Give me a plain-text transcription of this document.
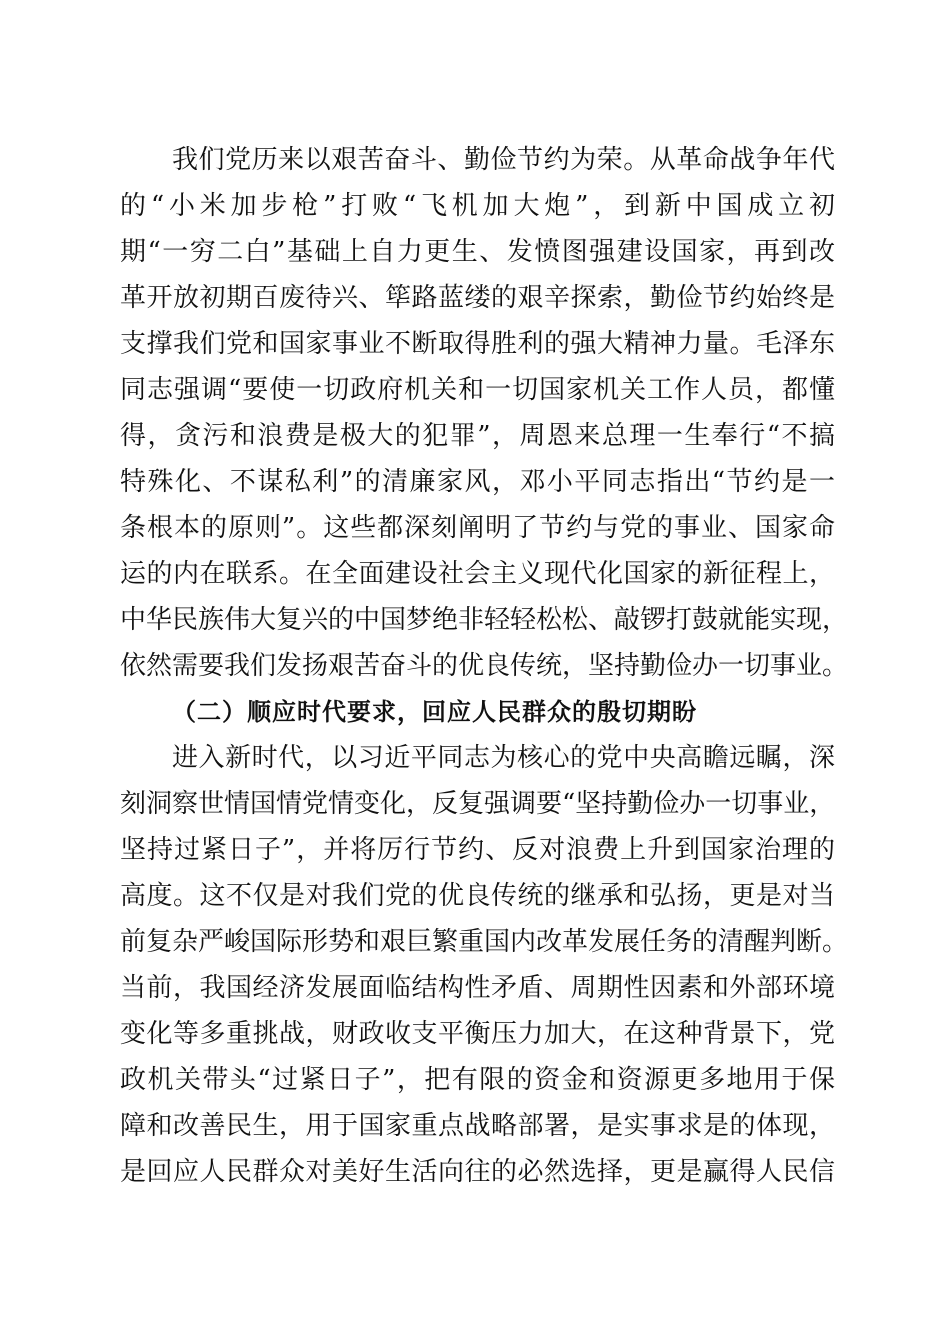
我们党历来以艰苦奋斗、勤俭节约为荣。从革命战争年代
的“小米加步枪”打败“飞机加大炮”，到新中国成立初
期“一穷二白”基础上自力更生、发愤图强建设国家，再到改
革开放初期百废待兴、筚路蓝缕的艰辛探索，勤俭节约始终是
支撑我们党和国家事业不断取得胜利的强大精神力量。毛泽东
同志强调“要使一切政府机关和一切国家机关工作人员，都懂
得，贪污和浪费是极大的犯罪”，周恩来总理一生奉行“不搞
特殊化、不谋私利”的清廉家风，邓小平同志指出“节约是一
条根本的原则”。这些都深刻阐明了节约与党的事业、国家命
运的内在联系。在全面建设社会主义现代化国家的新征程上，
中华民族伟大复兴的中国梦绝非轻轻松松、敲锣打鼓就能实现，
依然需要我们发扬艰苦奋斗的优良传统，坚持勤俭办一切事业。
（二）顺应时代要求，回应人民群众的殷切期盼
进入新时代，以习近平同志为核心的党中央高瞻远瞩，深
刻洞察世情国情党情变化，反复强调要“坚持勤俭办一切事业，
坚持过紧日子”，并将厉行节约、反对浪费上升到国家治理的
高度。这不仅是对我们党的优良传统的继承和弘扬，更是对当
前复杂严峻国际形势和艰巨繁重国内改革发展任务的清醒判断。
当前，我国经济发展面临结构性矛盾、周期性因素和外部环境
变化等多重挑战，财政收支平衡压力加大，在这种背景下，党
政机关带头“过紧日子”，把有限的资金和资源更多地用于保
障和改善民生，用于国家重点战略部署，是实事求是的体现，
是回应人民群众对美好生活向往的必然选择，更是赢得人民信
